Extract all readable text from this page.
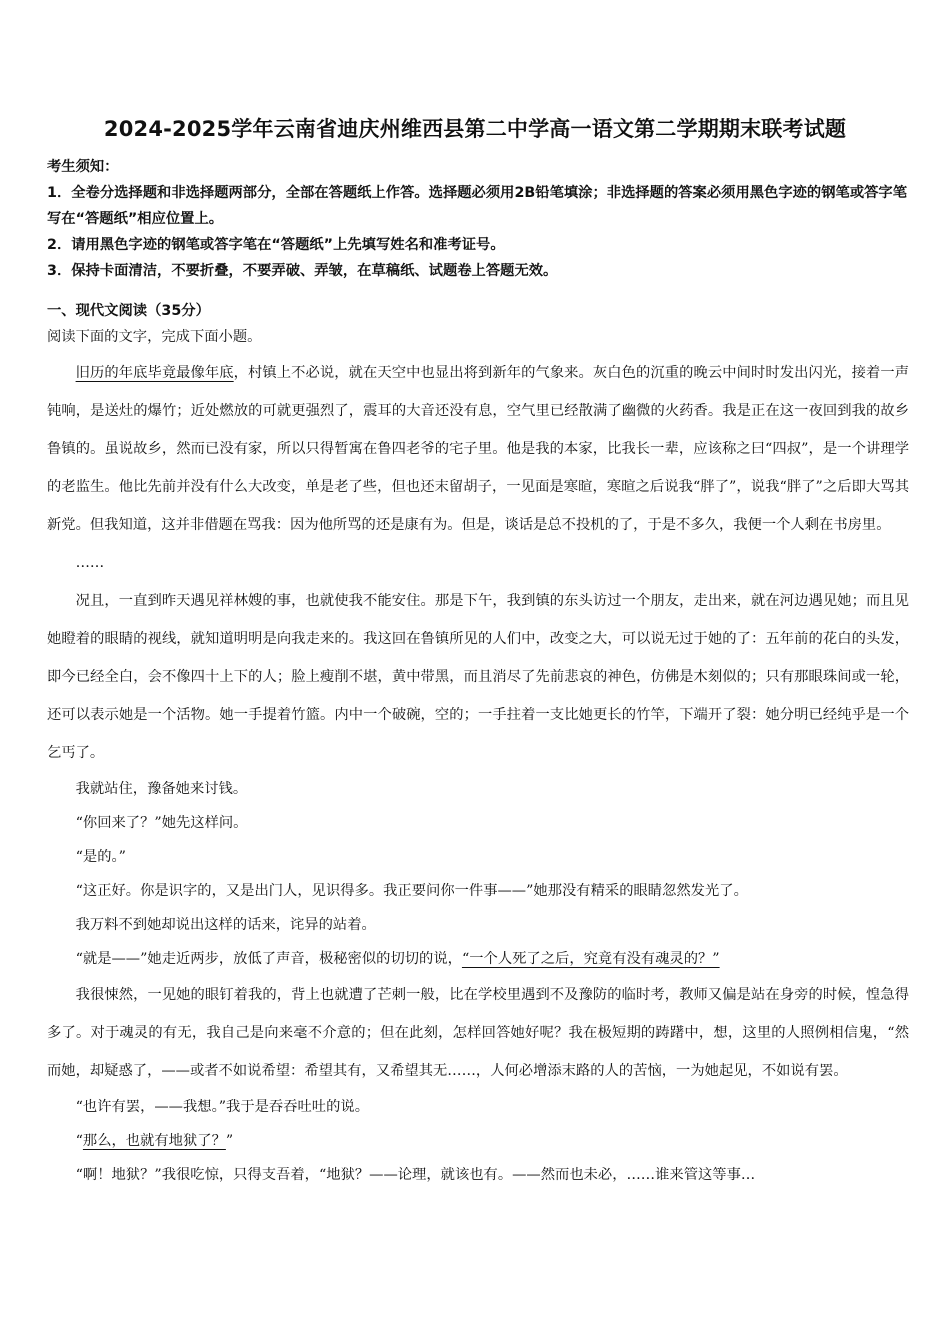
2024-2025学年云南省迪庆州维西县第二中学高一语文第二学期期末联考试题
考生须知：
1．全卷分选择题和非选择题两部分，全部在答题纸上作答。选择题必须用2B铅笔填涂；非选择题的答案必须用黑色字迹的钢笔或答字笔写在“答题纸”相应位置上。
2．请用黑色字迹的钢笔或答字笔在“答题纸”上先填写姓名和准考证号。
3．保持卡面清洁，不要折叠，不要弄破、弄皱，在草稿纸、试题卷上答题无效。
一、现代文阅读（35分）
阅读下面的文字，完成下面小题。

旧历的年底毕竟最像年底，村镇上不必说，就在天空中也显出将到新年的气象来。灰白色的沉重的晚云中间时时发出闪光，接着一声钝响，是送灶的爆竹；近处燃放的可就更强烈了，震耳的大音还没有息，空气里已经散满了幽微的火药香。我是正在这一夜回到我的故乡鲁镇的。虽说故乡，然而已没有家，所以只得暂寓在鲁四老爷的宅子里。他是我的本家，比我长一辈，应该称之曰“四叔”，是一个讲理学的老监生。他比先前并没有什么大改变，单是老了些，但也还末留胡子，一见面是寒暄，寒暄之后说我“胖了”，说我“胖了”之后即大骂其新党。但我知道，这并非借题在骂我：因为他所骂的还是康有为。但是，谈话是总不投机的了，于是不多久，我便一个人剩在书房里。

……

况且，一直到昨天遇见祥林嫂的事，也就使我不能安住。那是下午，我到镇的东头访过一个朋友，走出来，就在河边遇见她；而且见她瞪着的眼睛的视线，就知道明明是向我走来的。我这回在鲁镇所见的人们中，改变之大，可以说无过于她的了：五年前的花白的头发，即今已经全白，会不像四十上下的人；脸上瘦削不堪，黄中带黑，而且消尽了先前悲哀的神色，仿佛是木刻似的；只有那眼珠间或一轮，还可以表示她是一个活物。她一手提着竹篮。内中一个破碗，空的；一手拄着一支比她更长的竹竿，下端开了裂：她分明已经纯乎是一个乞丐了。

我就站住，豫备她来讨钱。

“你回来了？”她先这样问。

“是的。”

“这正好。你是识字的，又是出门人，见识得多。我正要问你一件事——”她那没有精采的眼睛忽然发光了。

我万料不到她却说出这样的话来，诧异的站着。

“就是——”她走近两步，放低了声音，极秘密似的切切的说，“一个人死了之后，究竟有没有魂灵的？”

我很悚然，一见她的眼钉着我的，背上也就遭了芒刺一般，比在学校里遇到不及豫防的临时考，教师又偏是站在身旁的时候，惶急得多了。对于魂灵的有无，我自己是向来毫不介意的；但在此刻，怎样回答她好呢？我在极短期的踌躇中，想，这里的人照例相信鬼，“然而她，却疑惑了，——或者不如说希望：希望其有，又希望其无……，人何必增添末路的人的苦恼，一为她起见，不如说有罢。

“也许有罢，——我想。”我于是吞吞吐吐的说。

“那么，也就有地狱了？”

“啊！地狱？”我很吃惊，只得支吾着，“地狱？——论理，就该也有。——然而也未必，……谁来管这等事…
